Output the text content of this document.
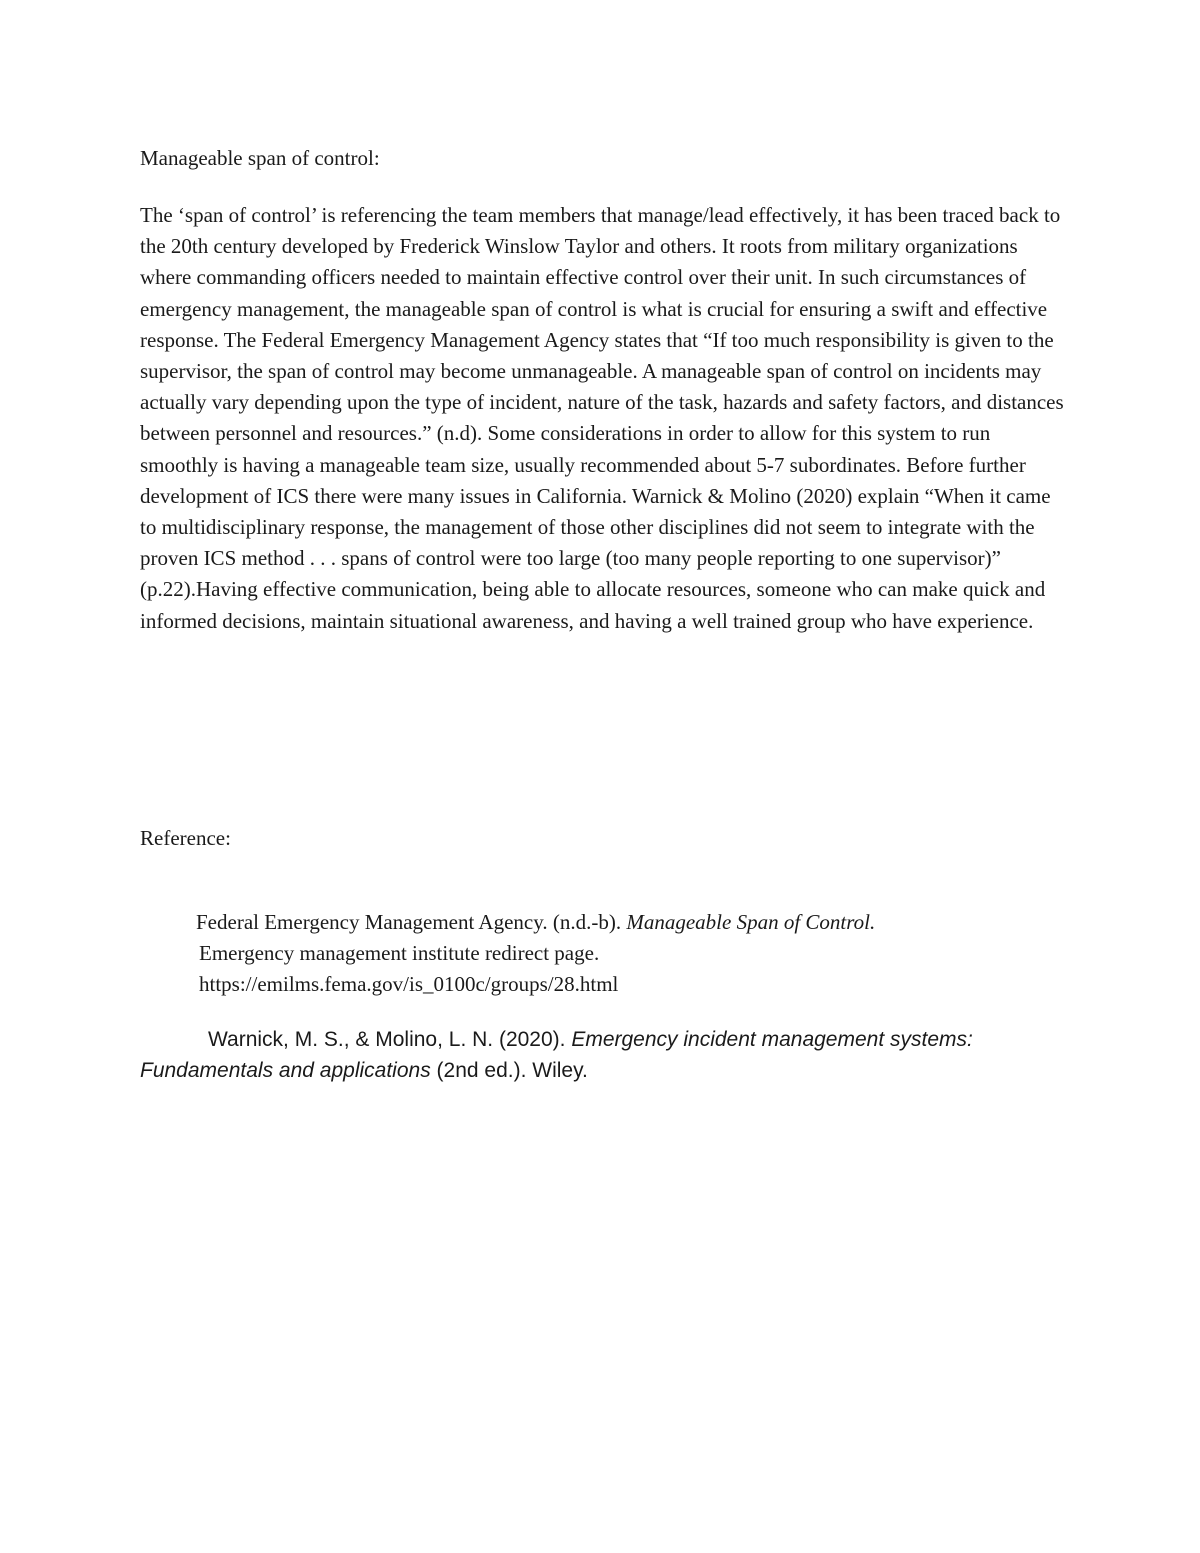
Manageable span of control:

The ‘span of control’ is referencing the team members that manage/lead effectively, it has been traced back to the 20th century developed by Frederick Winslow Taylor and others. It roots from military organizations where commanding officers needed to maintain effective control over their unit. In such circumstances of emergency management, the manageable span of control is what is crucial for ensuring a swift and effective response. The Federal Emergency Management Agency states that “If too much responsibility is given to the supervisor, the span of control may become unmanageable. A manageable span of control on incidents may actually vary depending upon the type of incident, nature of the task, hazards and safety factors, and distances between personnel and resources.” (n.d). Some considerations in order to allow for this system to run smoothly is having a manageable team size, usually recommended about 5-7 subordinates. Before further development of ICS there were many issues in California. Warnick & Molino (2020) explain “When it came to multidisciplinary response, the management of those other disciplines did not seem to integrate with the proven ICS method . . . spans of control were too large (too many people reporting to one supervisor)” (p.22).Having effective communication, being able to allocate resources, someone who can make quick and informed decisions, maintain situational awareness, and having a well trained group who have experience.

Reference:

Federal Emergency Management Agency. (n.d.-b). Manageable Span of Control.
Emergency management institute redirect page.
https://emilms.fema.gov/is_0100c/groups/28.html

Warnick, M. S., & Molino, L. N. (2020). Emergency incident management systems: Fundamentals and applications (2nd ed.). Wiley.
